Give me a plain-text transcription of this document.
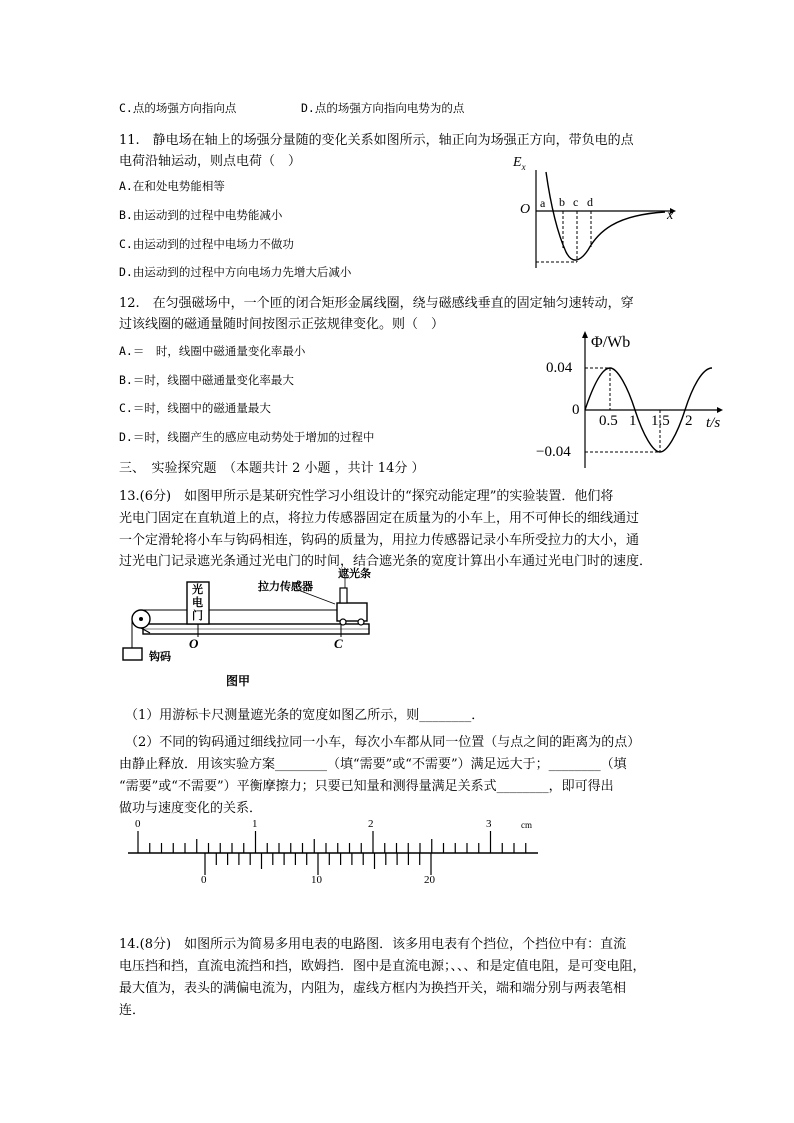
C.点的场强方向指向点	D.点的场强方向指向电势为的点
11.　静电场在轴上的场强分量随的变化关系如图所示，轴正向为场强正方向，带负电的点
电荷沿轴运动，则点电荷（　）
A.在和处电势能相等
B.由运动到的过程中电势能减小
C.由运动到的过程中电场力不做功
D.由运动到的过程中方向电场力先增大后减小
$E_x$
O	x
a b c d
12.　在匀强磁场中，一个匝的闭合矩形金属线圈，绕与磁感线垂直的固定轴匀速转动，穿
过该线圈的磁通量随时间按图示正弦规律变化。则（　）
A.＝　时，线圈中磁通量变化率最小
B.＝时，线圈中磁通量变化率最大
C.＝时，线圈中的磁通量最大
D.＝时，线圈产生的感应电动势处于增加的过程中
Φ/Wb
0.04
0
−0.04
0.5 1 1.5 2 t/s
三、　实验探究题　（本题共计 2 小题 ，共计 14分 ）
13.(6分)　如图甲所示是某研究性学习小组设计的“探究动能定理”的实验装置．他们将
光电门固定在直轨道上的点，将拉力传感器固定在质量为的小车上，用不可伸长的细线通过
一个定滑轮将小车与钩码相连，钩码的质量为，用拉力传感器记录小车所受拉力的大小，通
过光电门记录遮光条通过光电门的时间，结合遮光条的宽度计算出小车通过光电门时的速度．
光
电
门
拉力传感器
遮光条
钩码
O	C
图甲
（1）用游标卡尺测量遮光条的宽度如图乙所示，则________．
（2）不同的钩码通过细线拉同一小车，每次小车都从同一位置（与点之间的距离为的点）
由静止释放．用该实验方案________（填“需要”或“不需要”）满足远大于；________（填
“需要”或“不需要”）平衡摩擦力；只要已知量和测得量满足关系式________，即可得出
做功与速度变化的关系．
0	1	2	3	cm
0	10	20
14.(8分)　如图所示为简易多用电表的电路图．该多用电表有个挡位，个挡位中有：直流
电压挡和挡，直流电流挡和挡，欧姆挡．图中是直流电源；、、、和是定值电阻，是可变电阻，
最大值为，表头的满偏电流为，内阻为，虚线方框内为换挡开关，端和端分别与两表笔相
连．
